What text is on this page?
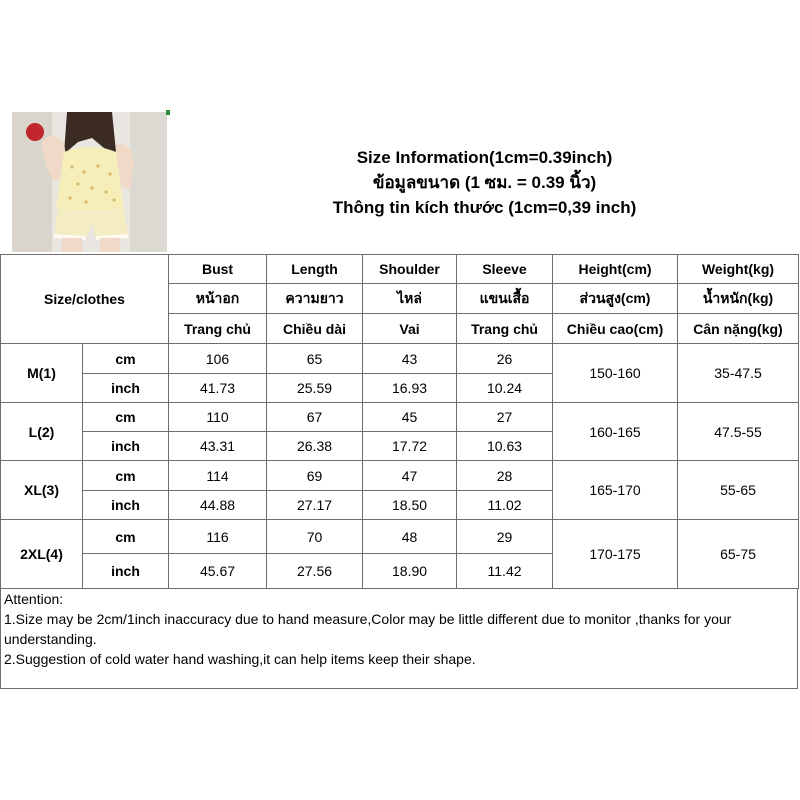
Size Information(1cm=0.39inch)
ข้อมูลขนาด (1 ซม. = 0.39 นิ้ว)
Thông tin kích thước (1cm=0,39 inch)
Size/clothes		Bust	Length	Shoulder	Sleeve	Height(cm)	Weight(kg)
		หน้าอก	ความยาว	ไหล่	แขนเสื้อ	ส่วนสูง(cm)	น้ำหนัก(kg)
		Trang chủ	Chiều dài	Vai	Trang chủ	Chiều cao(cm)	Cân nặng(kg)
M(1)	cm	106	65	43	26	150-160	35-47.5
	inch	41.73	25.59	16.93	10.24		
L(2)	cm	110	67	45	27	160-165	47.5-55
	inch	43.31	26.38	17.72	10.63		
XL(3)	cm	114	69	47	28	165-170	55-65
	inch	44.88	27.17	18.50	11.02		
2XL(4)	cm	116	70	48	29	170-175	65-75
	inch	45.67	27.56	18.90	11.42		
Attention:
1.Size may be 2cm/1inch inaccuracy due to hand measure,Color may be little different due to monitor ,thanks for your understanding.
2.Suggestion of cold water hand washing,it can help items keep their shape.
